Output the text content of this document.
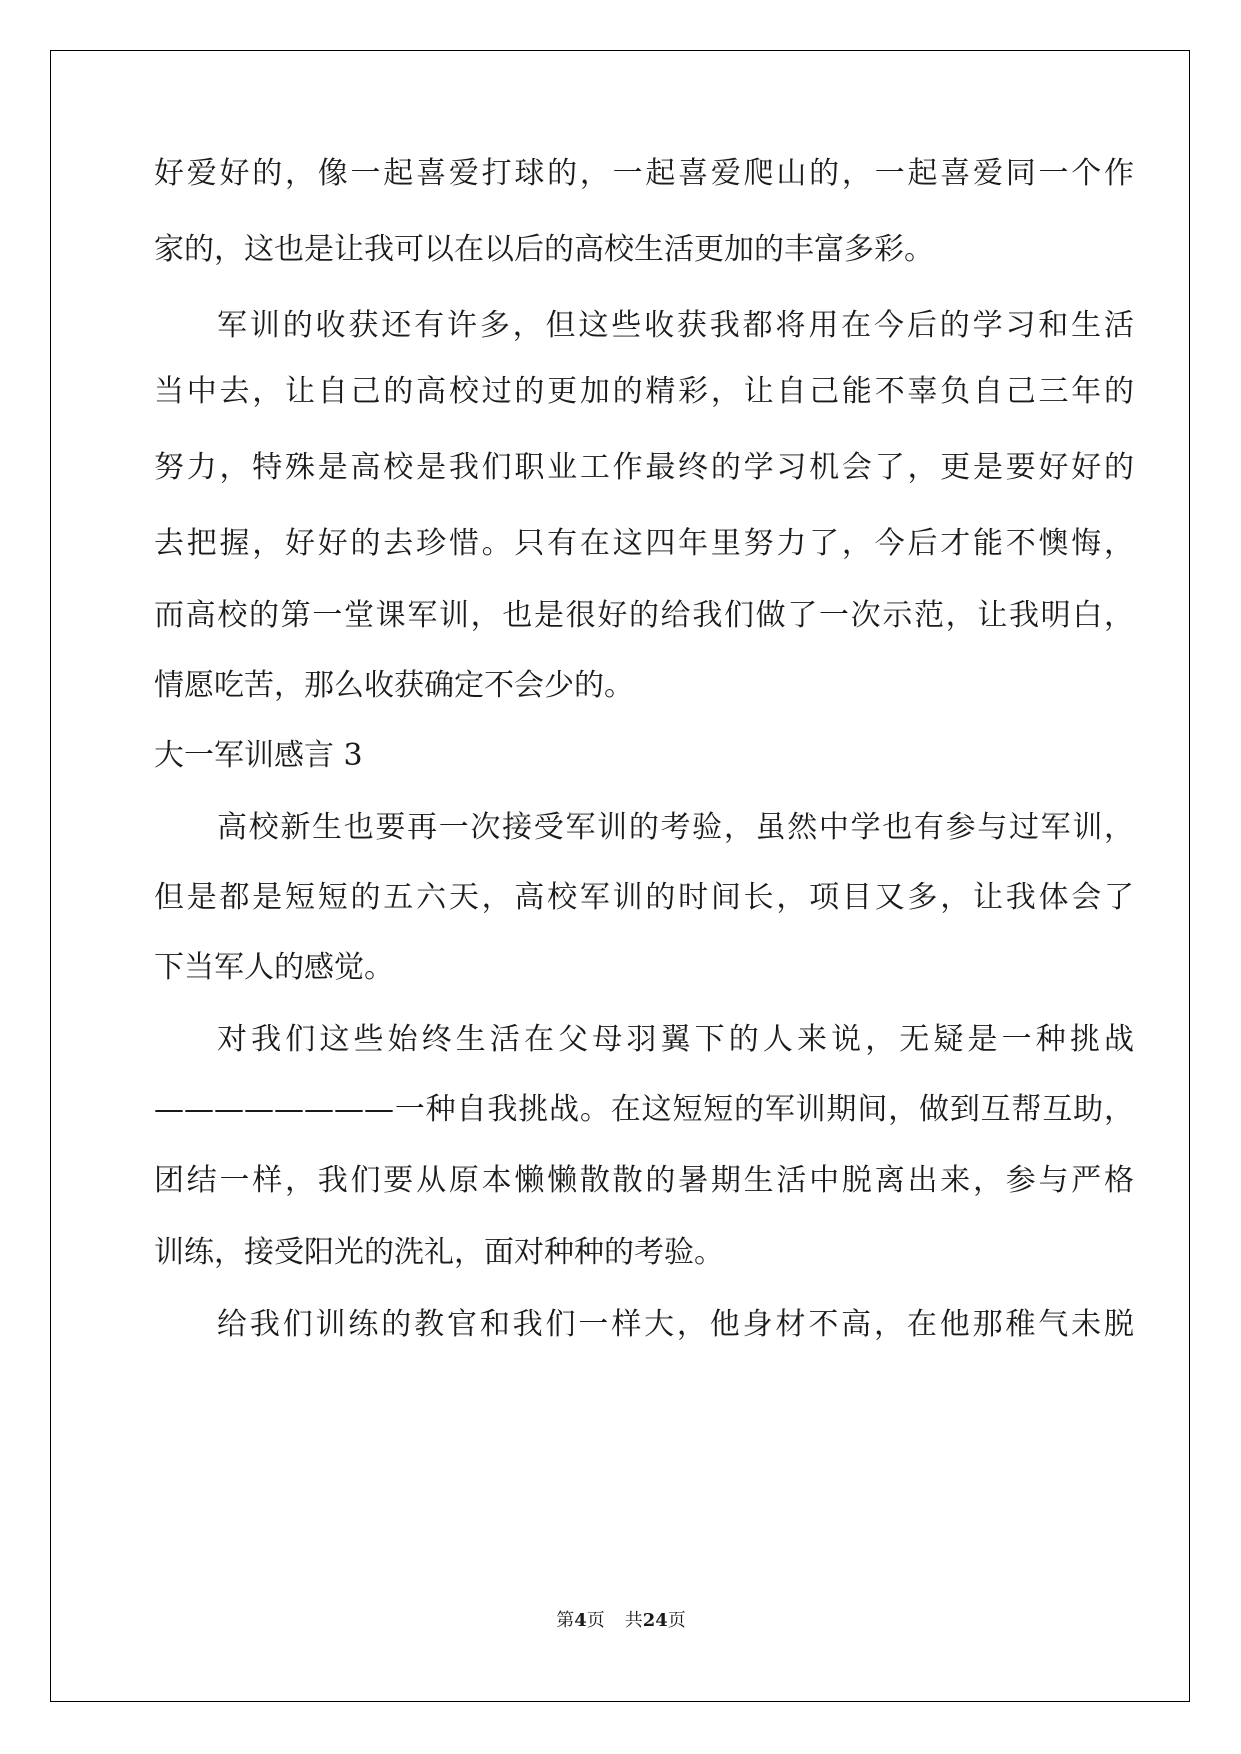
好爱好的，像一起喜爱打球的，一起喜爱爬山的，一起喜爱同一个作
家的，这也是让我可以在以后的高校生活更加的丰富多彩。
军训的收获还有许多，但这些收获我都将用在今后的学习和生活
当中去，让自己的高校过的更加的精彩，让自己能不辜负自己三年的
努力，特殊是高校是我们职业工作最终的学习机会了，更是要好好的
去把握，好好的去珍惜。只有在这四年里努力了，今后才能不懊悔，
而高校的第一堂课军训，也是很好的给我们做了一次示范，让我明白，
情愿吃苦，那么收获确定不会少的。
大一军训感言 3
高校新生也要再一次接受军训的考验，虽然中学也有参与过军训，
但是都是短短的五六天，高校军训的时间长，项目又多，让我体会了
下当军人的感觉。
对我们这些始终生活在父母羽翼下的人来说，无疑是一种挑战
————————一种自我挑战。在这短短的军训期间，做到互帮互助，
团结一样，我们要从原本懒懒散散的暑期生活中脱离出来，参与严格
训练，接受阳光的洗礼，面对种种的考验。
给我们训练的教官和我们一样大，他身材不高，在他那稚气未脱
第4页 共24页
